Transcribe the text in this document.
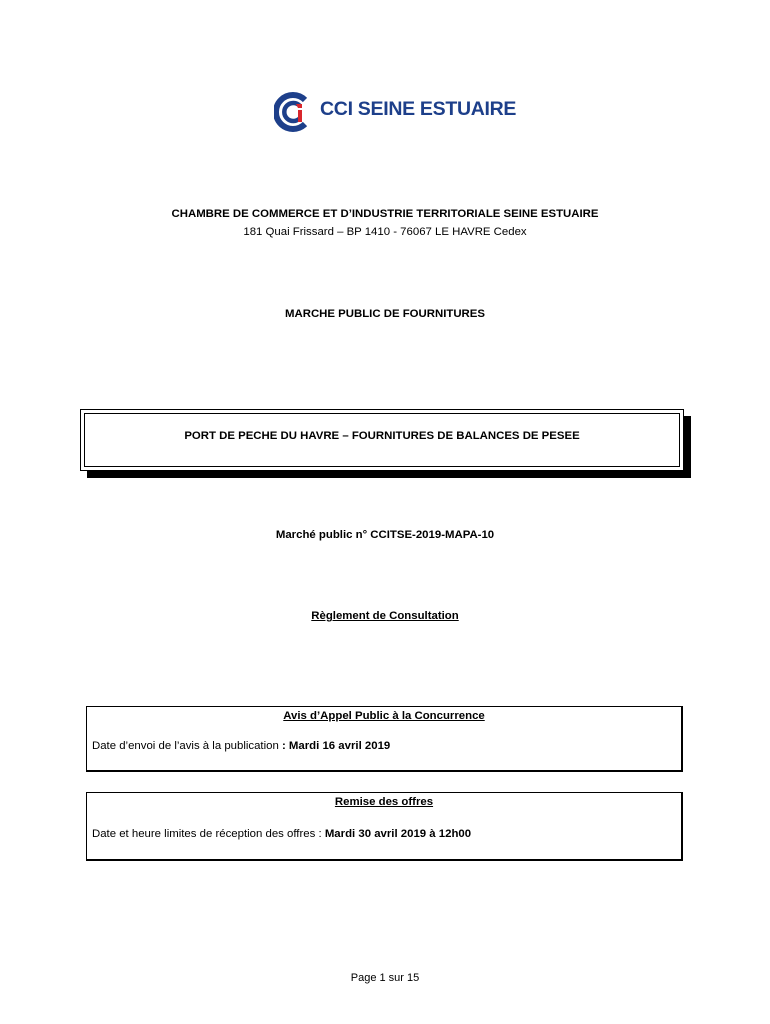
CCI SEINE ESTUAIRE
CHAMBRE DE COMMERCE ET D’INDUSTRIE TERRITORIALE SEINE ESTUAIRE
181 Quai Frissard – BP 1410 - 76067 LE HAVRE Cedex
MARCHE PUBLIC DE FOURNITURES
PORT DE PECHE DU HAVRE – FOURNITURES DE BALANCES DE PESEE
Marché public n° CCITSE-2019-MAPA-10
Règlement de Consultation
Avis d’Appel Public à la Concurrence
Date d’envoi de l’avis à la publication : Mardi 16 avril 2019
Remise des offres
Date et heure limites de réception des offres : Mardi 30 avril 2019 à 12h00
Page 1 sur 15
